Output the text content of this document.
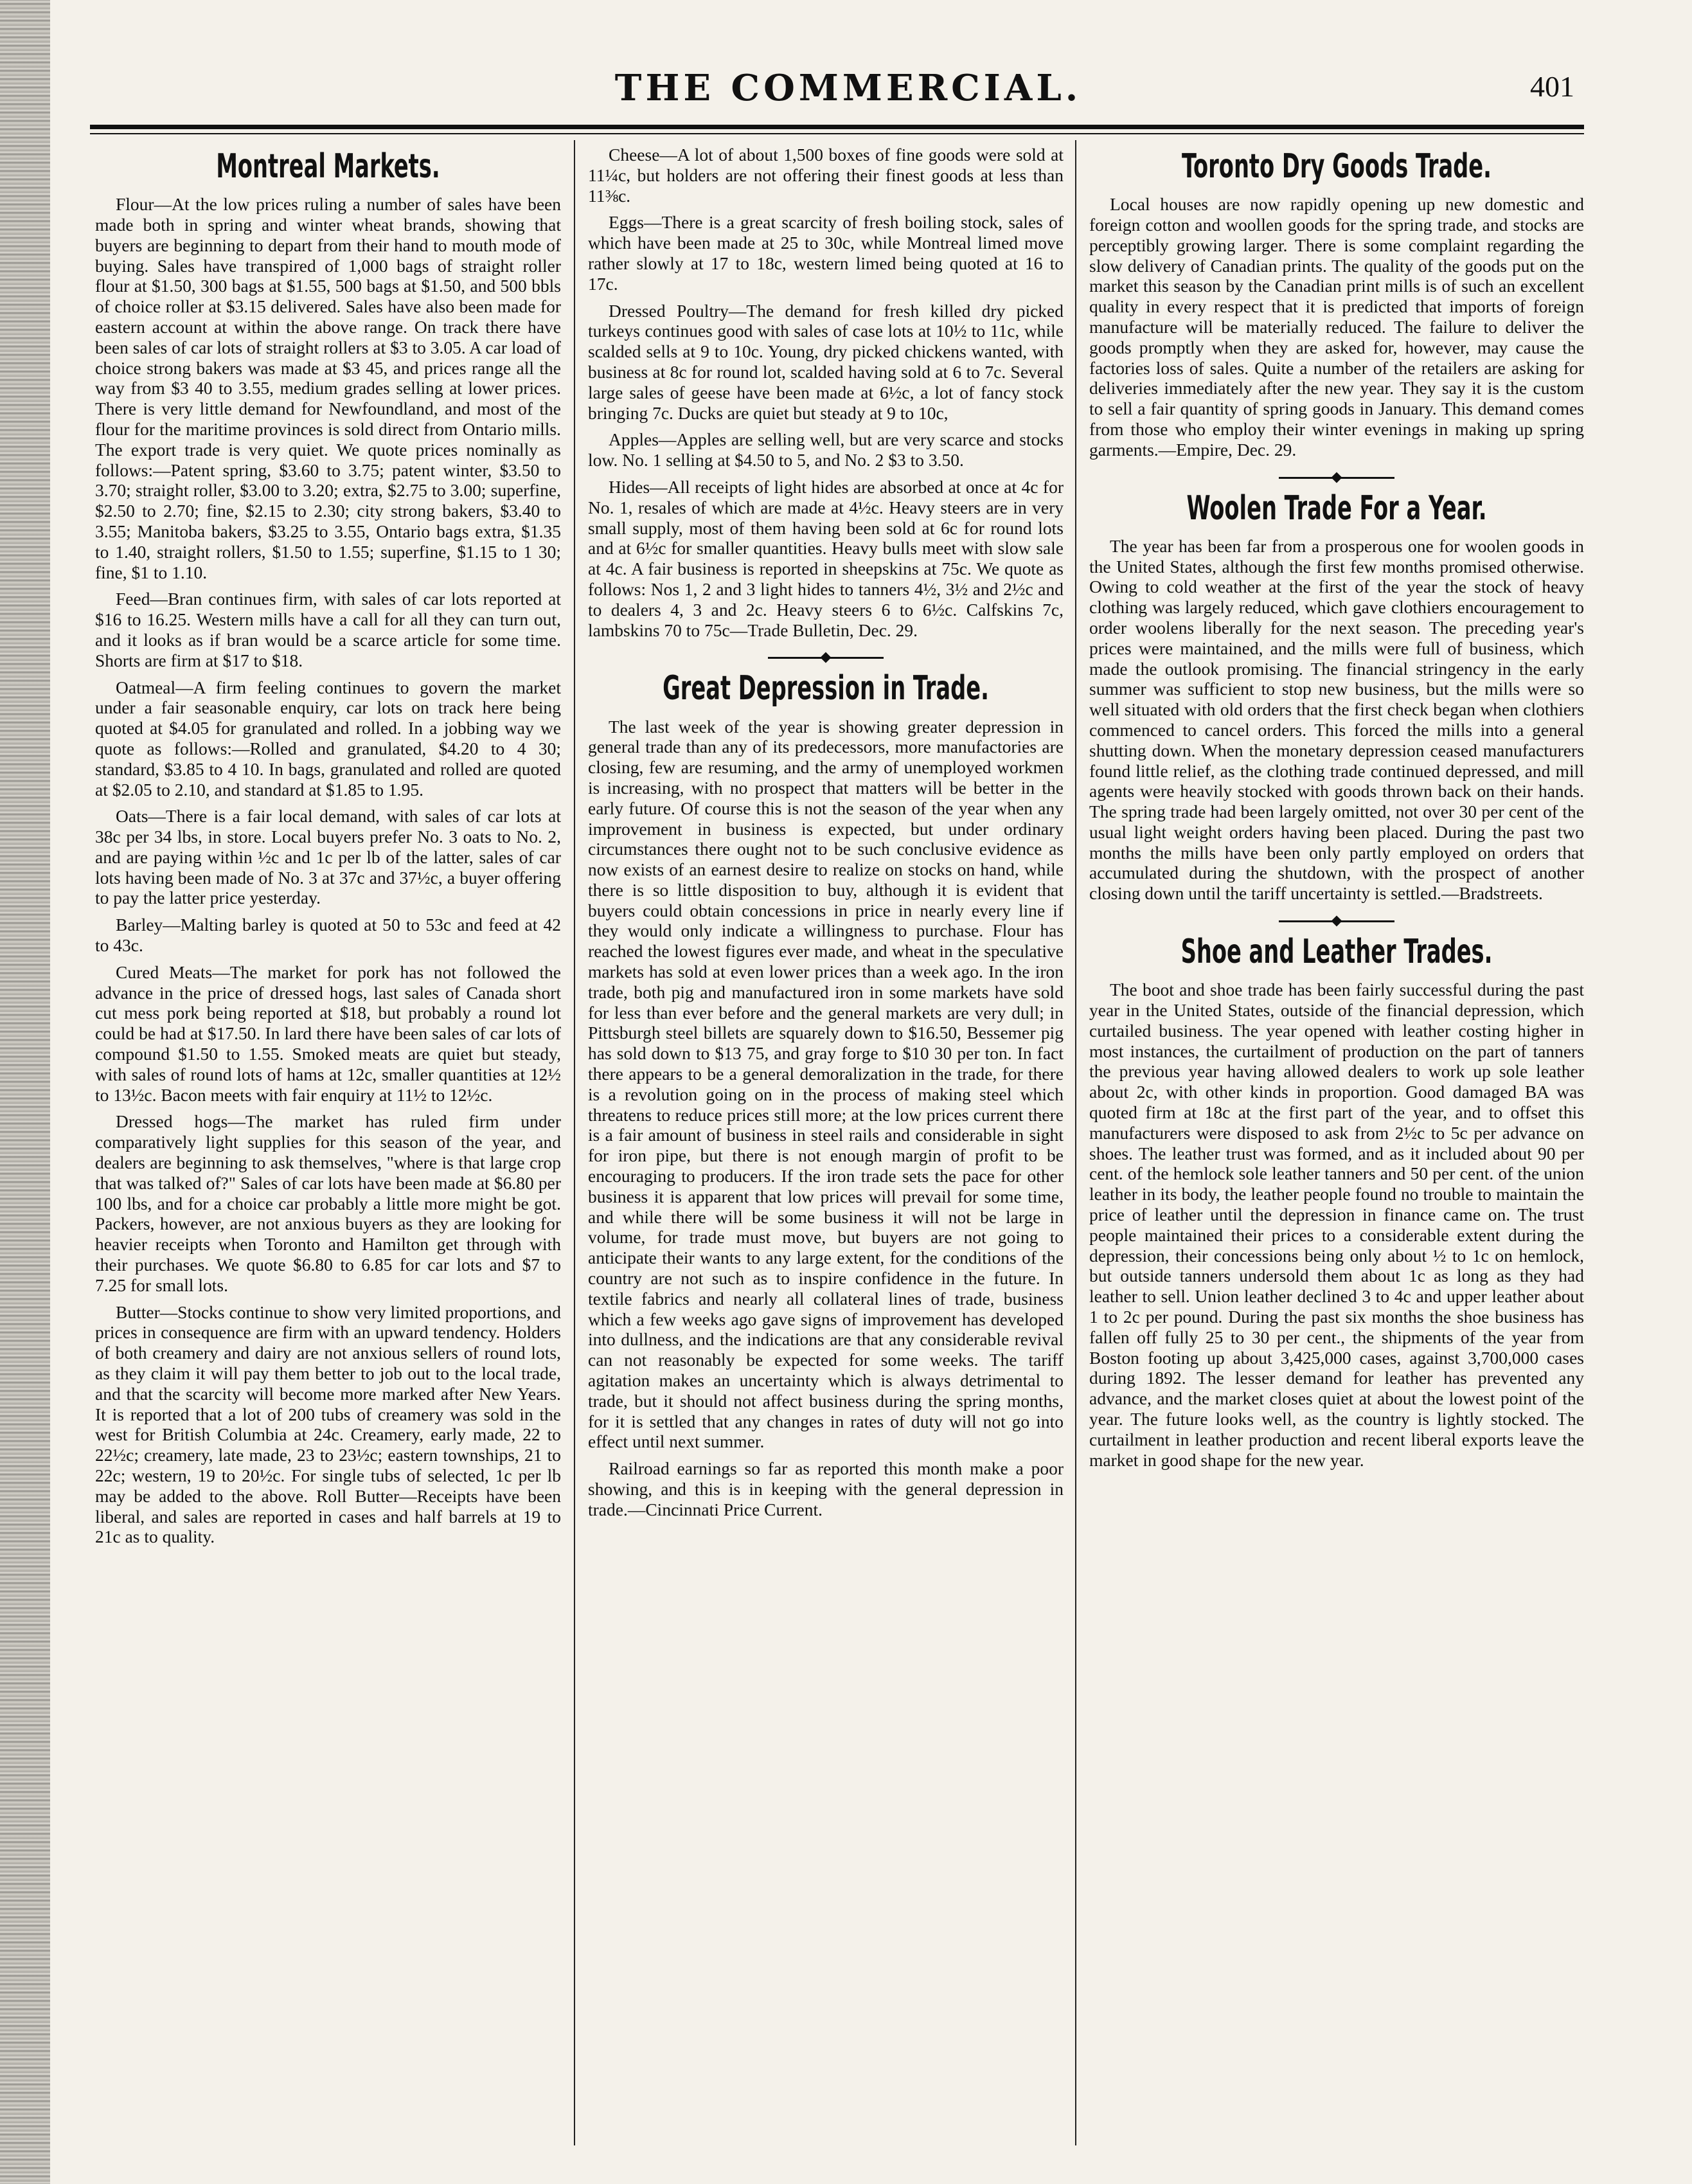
THE COMMERCIAL.	401
Montreal Markets.

Flour—At the low prices ruling a number of sales have been made both in spring and winter wheat brands, showing that buyers are beginning to depart from their hand to mouth mode of buying. Sales have transpired of 1,000 bags of straight roller flour at $1.50, 300 bags at $1.55, 500 bags at $1.50, and 500 bbls of choice roller at $3.15 delivered. Sales have also been made for eastern account at within the above range. On track there have been sales of car lots of straight rollers at $3 to 3.05. A car load of choice strong bakers was made at $3 45, and prices range all the way from $3 40 to 3.55, medium grades selling at lower prices. There is very little demand for Newfoundland, and most of the flour for the maritime provinces is sold direct from Ontario mills. The export trade is very quiet. We quote prices nominally as follows:—Patent spring, $3.60 to 3.75; patent winter, $3.50 to 3.70; straight roller, $3.00 to 3.20; extra, $2.75 to 3.00; superfine, $2.50 to 2.70; fine, $2.15 to 2.30; city strong bakers, $3.40 to 3.55; Manitoba bakers, $3.25 to 3.55, Ontario bags extra, $1.35 to 1.40, straight rollers, $1.50 to 1.55; superfine, $1.15 to 1 30; fine, $1 to 1.10.

Feed—Bran continues firm, with sales of car lots reported at $16 to 16.25. Western mills have a call for all they can turn out, and it looks as if bran would be a scarce article for some time. Shorts are firm at $17 to $18.

Oatmeal—A firm feeling continues to govern the market under a fair seasonable enquiry, car lots on track here being quoted at $4.05 for granulated and rolled. In a jobbing way we quote as follows:—Rolled and granulated, $4.20 to 4 30; standard, $3.85 to 4 10. In bags, granulated and rolled are quoted at $2.05 to 2.10, and standard at $1.85 to 1.95.

Oats—There is a fair local demand, with sales of car lots at 38c per 34 lbs, in store. Local buyers prefer No. 3 oats to No. 2, and are paying within ½c and 1c per lb of the latter, sales of car lots having been made of No. 3 at 37c and 37½c, a buyer offering to pay the latter price yesterday.

Barley—Malting barley is quoted at 50 to 53c and feed at 42 to 43c.

Cured Meats—The market for pork has not followed the advance in the price of dressed hogs, last sales of Canada short cut mess pork being reported at $18, but probably a round lot could be had at $17.50. In lard there have been sales of car lots of compound $1.50 to 1.55. Smoked meats are quiet but steady, with sales of round lots of hams at 12c, smaller quantities at 12½ to 13½c. Bacon meets with fair enquiry at 11½ to 12½c.

Dressed hogs—The market has ruled firm under comparatively light supplies for this season of the year, and dealers are beginning to ask themselves, "where is that large crop that was talked of?" Sales of car lots have been made at $6.80 per 100 lbs, and for a choice car probably a little more might be got. Packers, however, are not anxious buyers as they are looking for heavier receipts when Toronto and Hamilton get through with their purchases. We quote $6.80 to 6.85 for car lots and $7 to 7.25 for small lots.

Butter—Stocks continue to show very limited proportions, and prices in consequence are firm with an upward tendency. Holders of both creamery and dairy are not anxious sellers of round lots, as they claim it will pay them better to job out to the local trade, and that the scarcity will become more marked after New Years. It is reported that a lot of 200 tubs of creamery was sold in the west for British Columbia at 24c. Creamery, early made, 22 to 22½c; creamery, late made, 23 to 23½c; eastern townships, 21 to 22c; western, 19 to 20½c. For single tubs of selected, 1c per lb may be added to the above. Roll Butter—Receipts have been liberal, and sales are reported in cases and half barrels at 19 to 21c as to quality.

Cheese—A lot of about 1,500 boxes of fine goods were sold at 11¼c, but holders are not offering their finest goods at less than 11⅜c.

Eggs—There is a great scarcity of fresh boiling stock, sales of which have been made at 25 to 30c, while Montreal limed move rather slowly at 17 to 18c, western limed being quoted at 16 to 17c.

Dressed Poultry—The demand for fresh killed dry picked turkeys continues good with sales of case lots at 10½ to 11c, while scalded sells at 9 to 10c. Young, dry picked chickens wanted, with business at 8c for round lot, scalded having sold at 6 to 7c. Several large sales of geese have been made at 6½c, a lot of fancy stock bringing 7c. Ducks are quiet but steady at 9 to 10c,

Apples—Apples are selling well, but are very scarce and stocks low. No. 1 selling at $4.50 to 5, and No. 2 $3 to 3.50.

Hides—All receipts of light hides are absorbed at once at 4c for No. 1, resales of which are made at 4½c. Heavy steers are in very small supply, most of them having been sold at 6c for round lots and at 6½c for smaller quantities. Heavy bulls meet with slow sale at 4c. A fair business is reported in sheepskins at 75c. We quote as follows: Nos 1, 2 and 3 light hides to tanners 4½, 3½ and 2½c and to dealers 4, 3 and 2c. Heavy steers 6 to 6½c. Calfskins 7c, lambskins 70 to 75c—Trade Bulletin, Dec. 29.

Great Depression in Trade.

The last week of the year is showing greater depression in general trade than any of its predecessors, more manufactories are closing, few are resuming, and the army of unemployed workmen is increasing, with no prospect that matters will be better in the early future. Of course this is not the season of the year when any improvement in business is expected, but under ordinary circumstances there ought not to be such conclusive evidence as now exists of an earnest desire to realize on stocks on hand, while there is so little disposition to buy, although it is evident that buyers could obtain concessions in price in nearly every line if they would only indicate a willingness to purchase. Flour has reached the lowest figures ever made, and wheat in the speculative markets has sold at even lower prices than a week ago. In the iron trade, both pig and manufactured iron in some markets have sold for less than ever before and the general markets are very dull; in Pittsburgh steel billets are squarely down to $16.50, Bessemer pig has sold down to $13 75, and gray forge to $10 30 per ton. In fact there appears to be a general demoralization in the trade, for there is a revolution going on in the process of making steel which threatens to reduce prices still more; at the low prices current there is a fair amount of business in steel rails and considerable in sight for iron pipe, but there is not enough margin of profit to be encouraging to producers. If the iron trade sets the pace for other business it is apparent that low prices will prevail for some time, and while there will be some business it will not be large in volume, for trade must move, but buyers are not going to anticipate their wants to any large extent, for the conditions of the country are not such as to inspire confidence in the future. In textile fabrics and nearly all collateral lines of trade, business which a few weeks ago gave signs of improvement has developed into dullness, and the indications are that any considerable revival can not reasonably be expected for some weeks. The tariff agitation makes an uncertainty which is always detrimental to trade, but it should not affect business during the spring months, for it is settled that any changes in rates of duty will not go into effect until next summer.

Railroad earnings so far as reported this month make a poor showing, and this is in keeping with the general depression in trade.—Cincinnati Price Current.

Toronto Dry Goods Trade.

Local houses are now rapidly opening up new domestic and foreign cotton and woollen goods for the spring trade, and stocks are perceptibly growing larger. There is some complaint regarding the slow delivery of Canadian prints. The quality of the goods put on the market this season by the Canadian print mills is of such an excellent quality in every respect that it is predicted that imports of foreign manufacture will be materially reduced. The failure to deliver the goods promptly when they are asked for, however, may cause the factories loss of sales. Quite a number of the retailers are asking for deliveries immediately after the new year. They say it is the custom to sell a fair quantity of spring goods in January. This demand comes from those who employ their winter evenings in making up spring garments.—Empire, Dec. 29.

Woolen Trade For a Year.

The year has been far from a prosperous one for woolen goods in the United States, although the first few months promised otherwise. Owing to cold weather at the first of the year the stock of heavy clothing was largely reduced, which gave clothiers encouragement to order woolens liberally for the next season. The preceding year's prices were maintained, and the mills were full of business, which made the outlook promising. The financial stringency in the early summer was sufficient to stop new business, but the mills were so well situated with old orders that the first check began when clothiers commenced to cancel orders. This forced the mills into a general shutting down. When the monetary depression ceased manufacturers found little relief, as the clothing trade continued depressed, and mill agents were heavily stocked with goods thrown back on their hands. The spring trade had been largely omitted, not over 30 per cent of the usual light weight orders having been placed. During the past two months the mills have been only partly employed on orders that accumulated during the shutdown, with the prospect of another closing down until the tariff uncertainty is settled.—Bradstreets.

Shoe and Leather Trades.

The boot and shoe trade has been fairly successful during the past year in the United States, outside of the financial depression, which curtailed business. The year opened with leather costing higher in most instances, the curtailment of production on the part of tanners the previous year having allowed dealers to work up sole leather about 2c, with other kinds in proportion. Good damaged BA was quoted firm at 18c at the first part of the year, and to offset this manufacturers were disposed to ask from 2½c to 5c per advance on shoes. The leather trust was formed, and as it included about 90 per cent. of the hemlock sole leather tanners and 50 per cent. of the union leather in its body, the leather people found no trouble to maintain the price of leather until the depression in finance came on. The trust people maintained their prices to a considerable extent during the depression, their concessions being only about ½ to 1c on hemlock, but outside tanners undersold them about 1c as long as they had leather to sell. Union leather declined 3 to 4c and upper leather about 1 to 2c per pound. During the past six months the shoe business has fallen off fully 25 to 30 per cent., the shipments of the year from Boston footing up about 3,425,000 cases, against 3,700,000 cases during 1892. The lesser demand for leather has prevented any advance, and the market closes quiet at about the lowest point of the year. The future looks well, as the country is lightly stocked. The curtailment in leather production and recent liberal exports leave the market in good shape for the new year.
